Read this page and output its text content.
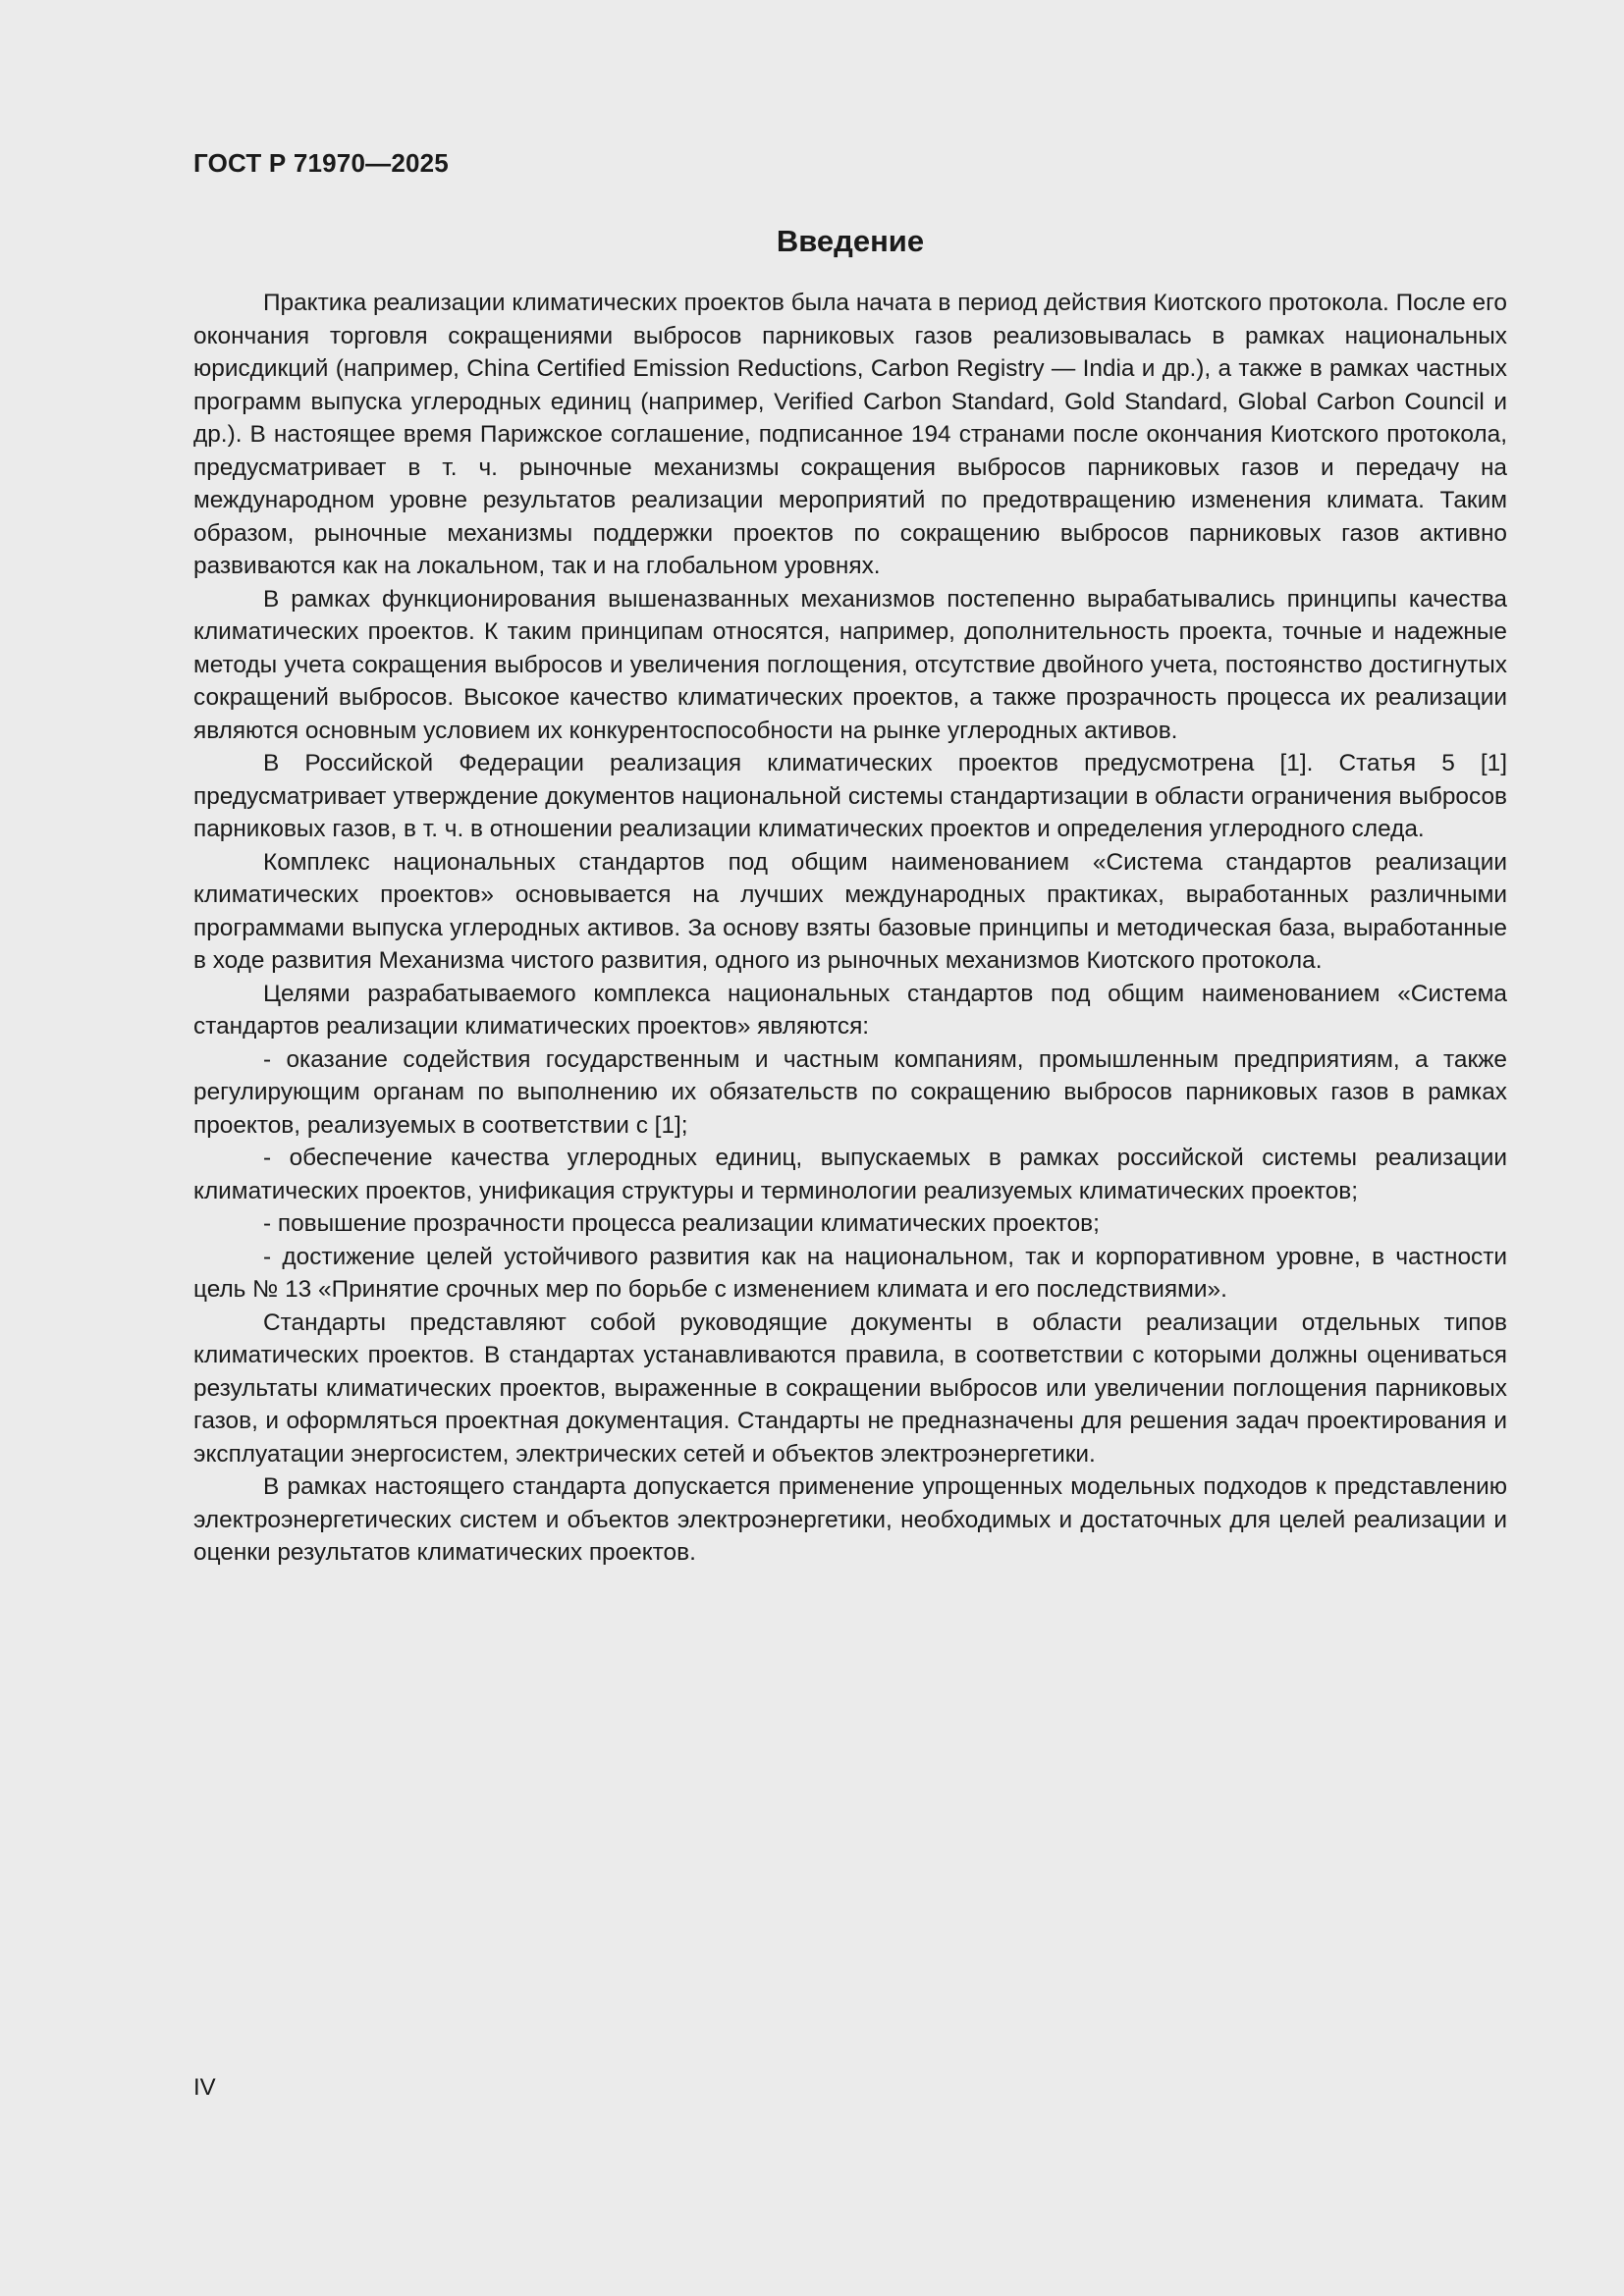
ГОСТ Р 71970—2025
Введение

Практика реализации климатических проектов была начата в период действия Киотского протокола. После его окончания торговля сокращениями выбросов парниковых газов реализовывалась в рамках национальных юрисдикций (например, China Certified Emission Reductions, Carbon Registry — India и др.), а также в рамках частных программ выпуска углеродных единиц (например, Verified Carbon Standard, Gold Standard, Global Carbon Council и др.). В настоящее время Парижское соглашение, подписанное 194 странами после окончания Киотского протокола, предусматривает в т. ч. рыночные механизмы сокращения выбросов парниковых газов и передачу на международном уровне результатов реализации мероприятий по предотвращению изменения климата. Таким образом, рыночные механизмы поддержки проектов по сокращению выбросов парниковых газов активно развиваются как на локальном, так и на глобальном уровнях.

В рамках функционирования вышеназванных механизмов постепенно вырабатывались принципы качества климатических проектов. К таким принципам относятся, например, дополнительность проекта, точные и надежные методы учета сокращения выбросов и увеличения поглощения, отсутствие двойного учета, постоянство достигнутых сокращений выбросов. Высокое качество климатических проектов, а также прозрачность процесса их реализации являются основным условием их конкурентоспособности на рынке углеродных активов.

В Российской Федерации реализация климатических проектов предусмотрена [1]. Статья 5 [1] предусматривает утверждение документов национальной системы стандартизации в области ограничения выбросов парниковых газов, в т. ч. в отношении реализации климатических проектов и определения углеродного следа.

Комплекс национальных стандартов под общим наименованием «Система стандартов реализации климатических проектов» основывается на лучших международных практиках, выработанных различными программами выпуска углеродных активов. За основу взяты базовые принципы и методическая база, выработанные в ходе развития Механизма чистого развития, одного из рыночных механизмов Киотского протокола.

Целями разрабатываемого комплекса национальных стандартов под общим наименованием «Система стандартов реализации климатических проектов» являются:

- оказание содействия государственным и частным компаниям, промышленным предприятиям, а также регулирующим органам по выполнению их обязательств по сокращению выбросов парниковых газов в рамках проектов, реализуемых в соответствии с [1];

- обеспечение качества углеродных единиц, выпускаемых в рамках российской системы реализации климатических проектов, унификация структуры и терминологии реализуемых климатических проектов;

- повышение прозрачности процесса реализации климатических проектов;

- достижение целей устойчивого развития как на национальном, так и корпоративном уровне, в частности цель № 13 «Принятие срочных мер по борьбе с изменением климата и его последствиями».

Стандарты представляют собой руководящие документы в области реализации отдельных типов климатических проектов. В стандартах устанавливаются правила, в соответствии с которыми должны оцениваться результаты климатических проектов, выраженные в сокращении выбросов или увеличении поглощения парниковых газов, и оформляться проектная документация. Стандарты не предназначены для решения задач проектирования и эксплуатации энергосистем, электрических сетей и объектов электроэнергетики.

В рамках настоящего стандарта допускается применение упрощенных модельных подходов к представлению электроэнергетических систем и объектов электроэнергетики, необходимых и достаточных для целей реализации и оценки результатов климатических проектов.

IV
